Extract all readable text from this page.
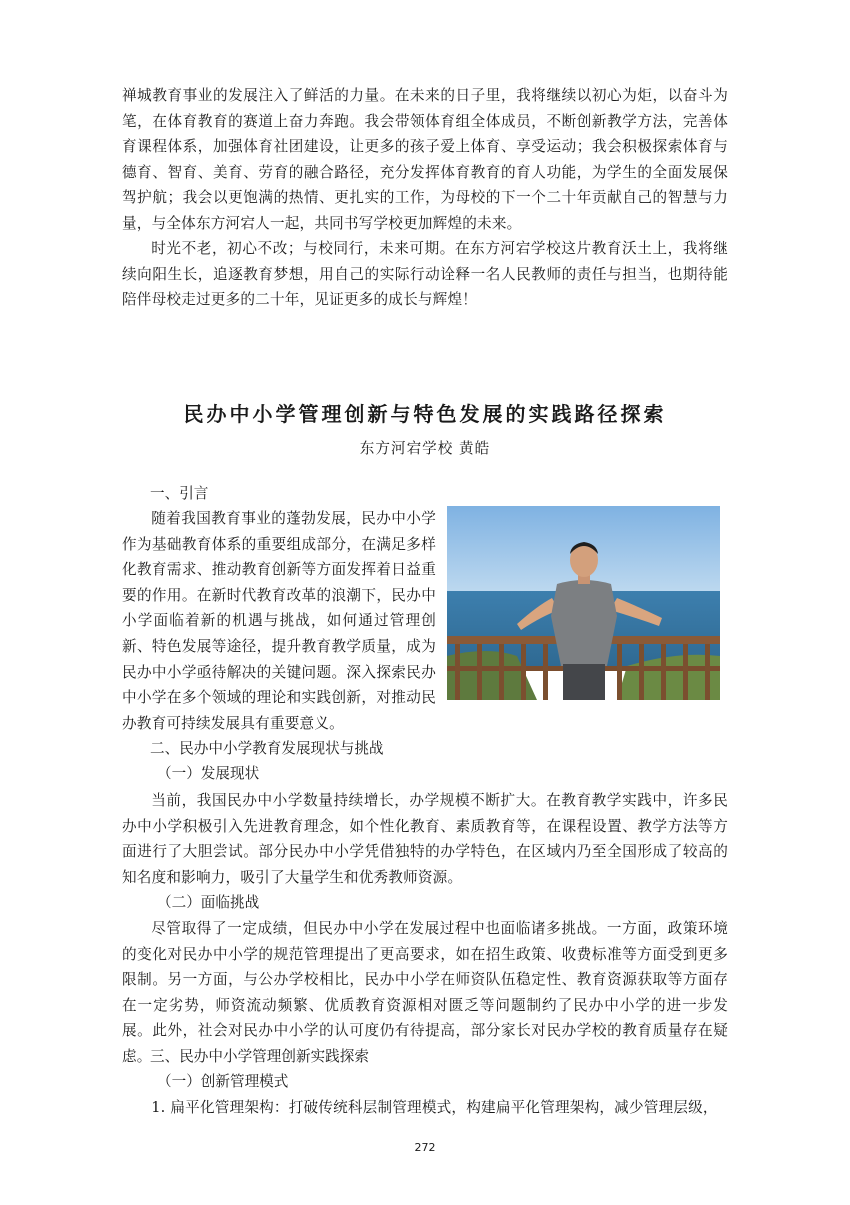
禅城教育事业的发展注入了鲜活的力量。在未来的日子里，我将继续以初心为炬，以奋斗为笔，在体育教育的赛道上奋力奔跑。我会带领体育组全体成员，不断创新教学方法，完善体育课程体系，加强体育社团建设，让更多的孩子爱上体育、享受运动；我会积极探索体育与德育、智育、美育、劳育的融合路径，充分发挥体育教育的育人功能，为学生的全面发展保驾护航；我会以更饱满的热情、更扎实的工作，为母校的下一个二十年贡献自己的智慧与力量，与全体东方河宕人一起，共同书写学校更加辉煌的未来。

时光不老，初心不改；与校同行，未来可期。在东方河宕学校这片教育沃土上，我将继续向阳生长，追逐教育梦想，用自己的实际行动诠释一名人民教师的责任与担当，也期待能陪伴母校走过更多的二十年，见证更多的成长与辉煌！

民办中小学管理创新与特色发展的实践路径探索
东方河宕学校 黄皓
一、引言

随着我国教育事业的蓬勃发展，民办中小学作为基础教育体系的重要组成部分，在满足多样化教育需求、推动教育创新等方面发挥着日益重要的作用。在新时代教育改革的浪潮下，民办中小学面临着新的机遇与挑战，如何通过管理创新、特色发展等途径，提升教育教学质量，成为民办中小学亟待解决的关键问题。深入探索民办中小学在多个领域的理论和实践创新，对推动民办教育可持续发展具有重要意义。

二、民办中小学教育发展现状与挑战
（一）发展现状

当前，我国民办中小学数量持续增长，办学规模不断扩大。在教育教学实践中，许多民办中小学积极引入先进教育理念，如个性化教育、素质教育等，在课程设置、教学方法等方面进行了大胆尝试。部分民办中小学凭借独特的办学特色，在区域内乃至全国形成了较高的知名度和影响力，吸引了大量学生和优秀教师资源。

（二）面临挑战

尽管取得了一定成绩，但民办中小学在发展过程中也面临诸多挑战。一方面，政策环境的变化对民办中小学的规范管理提出了更高要求，如在招生政策、收费标准等方面受到更多限制。另一方面，与公办学校相比，民办中小学在师资队伍稳定性、教育资源获取等方面存在一定劣势，师资流动频繁、优质教育资源相对匮乏等问题制约了民办中小学的进一步发展。此外，社会对民办中小学的认可度仍有待提高，部分家长对民办学校的教育质量存在疑虑。

三、民办中小学管理创新实践探索
（一）创新管理模式

1. 扁平化管理架构：打破传统科层制管理模式，构建扁平化管理架构，减少管理层级，

272
